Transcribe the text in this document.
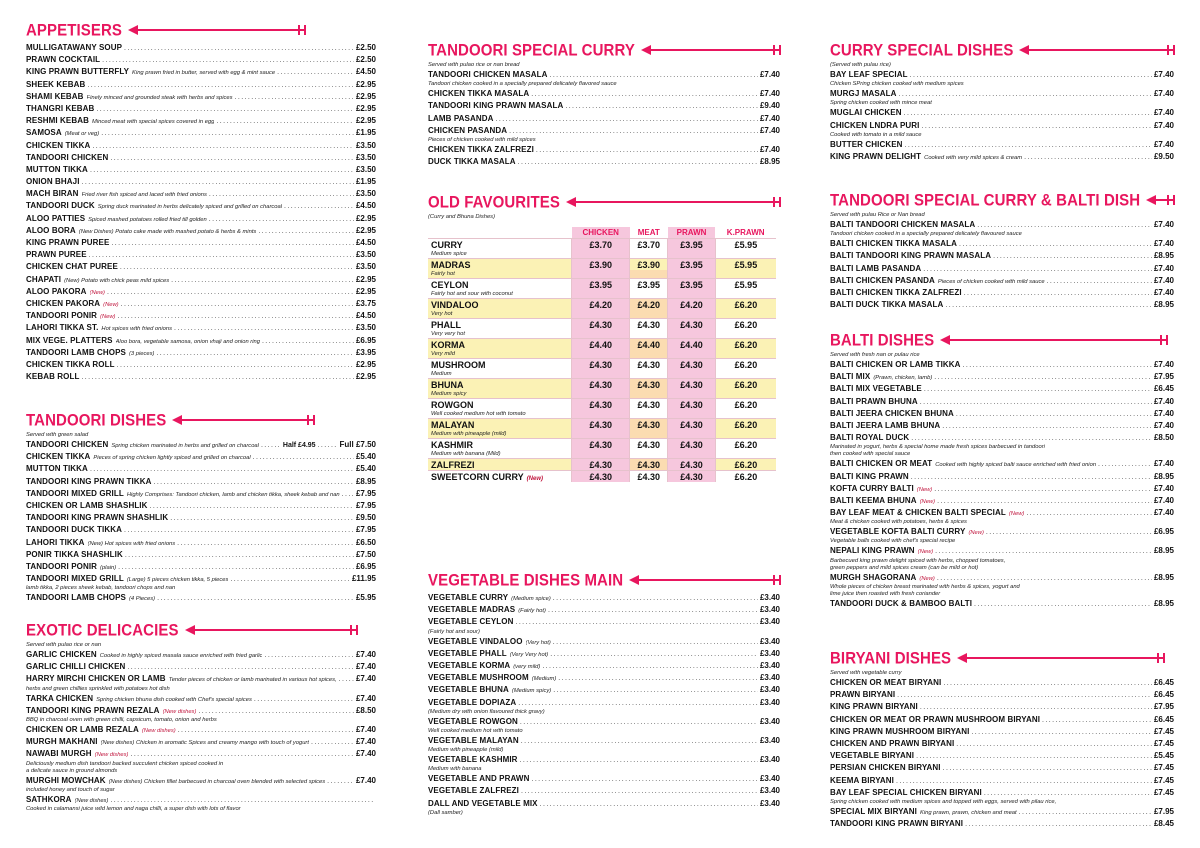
APPETISERS
MULLIGATAWANY SOUP .....	£2.50
PRAWN COCKTAIL .....	£2.50
KING PRAWN BUTTERFLY King prawn fried in butter, served with egg & mint sauce .....	£4.50
SHEEK KEBAB .....	£2.95
SHAMI KEBAB Finely minced and grounded steak with herbs and spices .....	£2.95
THANGRI KEBAB .....	£2.95
RESHMI KEBAB Minced meat with special spices covered in egg .....	£2.95
SAMOSA (Meat or veg) .....	£1.95
CHICKEN TIKKA .....	£3.50
TANDOORI CHICKEN .....	£3.50
MUTTON TIKKA .....	£3.50
ONION BHAJI .....	£1.95
MACH BIRAN Fried river fish spiced and laced with fried onions .....	£3.50
TANDOORI DUCK Spring duck marinated in herbs delicately spiced and grilled on charcoal .....	£4.50
ALOO PATTIES Spiced mashed potatoes rolled fried till golden .....	£2.95
ALOO BORA (New Dishes) Potato cake made with mashed potato & herbs & mints .....	£2.95
KING PRAWN PUREE .....	£4.50
PRAWN PUREE .....	£3.50
CHICKEN CHAT PUREE .....	£3.50
CHAPATI (New) Potato with chick peas mild spices .....	£2.95
ALOO PAKORA (New) .....	£2.95
CHICKEN PAKORA (New) .....	£3.75
TANDOORI PONIR (New) .....	£4.50
LAHORI TIKKA ST. Hot spices with fried onions .....	£3.50
MIX VEGE. PLATTERS Aloo bora, vegetable samosa, onion vhaji and onion ring .....	£6.95
TANDOORI LAMB CHOPS (3 pieces) .....	£3.95
CHICKEN TIKKA ROLL .....	£2.95
KEBAB ROLL .....	£2.95
TANDOORI DISHES
Served with green salad
TANDOORI CHICKEN Spring chicken marinated in herbs and grilled on charcoal .....	Half £4.95 .....	Full £7.50
CHICKEN TIKKA Pieces of spring chicken lightly spiced and grilled on charcoal .....	£5.40
MUTTON TIKKA .....	£5.40
TANDOORI KING PRAWN TIKKA .....	£8.95
TANDOORI MIXED GRILL Highly Comprises: Tandoori chicken, lamb and chicken tikka, sheek kebab and nan ..... £7.95
CHICKEN OR LAMB SHASHLIK .....	£7.95
TANDOORI KING PRAWN SHASHLIK .....	£9.50
TANDOORI DUCK TIKKA .....	£7.95
LAHORI TIKKA (New) Hot spices with fried onions .....	£6.50
PONIR TIKKA SHASHLIK .....	£7.50
TANDOORI PONIR (plain) .....	£6.95
TANDOORI MIXED GRILL (Large) 5 pieces chicken tikka, 5 pieces .....	£11.95
lamb tikka, 2 pieces sheek kebab, tandoori chops and nan
TANDOORI LAMB CHOPS (4 Pieces) .....	£5.95
EXOTIC DELICACIES
Served with pulao rice or nan
GARLIC CHICKEN Cooked in highly spiced masala sauce enriched with fried garlic .....	£7.40
GARLIC CHILLI CHICKEN .....	£7.40
HARRY MIRCHI CHICKEN OR LAMB Tender pieces of chicken or lamb marinated in various hot spices, ..... £7.40
herbs and green chillies sprinkled with potatoes hot dish
TARKA CHICKEN Spring chicken bhuna dish cooked with Chef's special spices .....	£7.40
TANDOORI KING PRAWN REZALA (New dishes) .....	£8.50
BBQ in charcoal oven with green chilli, capsicum, tomato, onion and herbs
CHICKEN OR LAMB REZALA (New dishes) .....	£7.40
MURGH MAKHANI (New dishes) Chicken in aromatic Spices and creamy mango with touch of yogurt .....	£7.40
NAWABI MURGH (New dishes) .....	£7.40
Deliciously medium dish tandoori backed succulent chicken spiced cooked in
a delicate sauce in ground almonds
MURGHI MOWCHAK (New dishes) Chicken fillet barbecued in charcoal oven blended with selected spices .....	£7.40
included honey and touch of sugar
SATHKORA (New dishes)
.....
Cooked in calamansi juice wild lemon and naga chilli, a super dish with lots of flavor
TANDOORI SPECIAL CURRY
Served with pulao rice or nan bread
TANDOORI CHICKEN MASALA .....	£7.40
Tandoori chicken cooked in a specially prepared delicately flavored sauce
CHICKEN TIKKA MASALA .....	£7.40
TANDOORI KING PRAWN MASALA .....	£9.40
LAMB PASANDA .....	£7.40
CHICKEN PASANDA .....	£7.40
Pieces of chicken cooked with mild spices
CHICKEN TIKKA ZALFREZI .....	£7.40
DUCK TIKKA MASALA .....	£8.95
OLD FAVOURITES
(Curry and Bhuna Dishes)
	CHICKEN	MEAT	PRAWN	K.PRAWN
CURRY	£3.70	£3.70	£3.95	£5.95
Medium spice				
MADRAS	£3.90	£3.90	£3.95	£5.95
Fairly hot				
CEYLON	£3.95	£3.95	£3.95	£5.95
Fairly hot and sour with coconut				
VINDALOO	£4.20	£4.20	£4.20	£6.20
Very hot				
PHALL	£4.30	£4.30	£4.30	£6.20
Very very hot				
KORMA	£4.40	£4.40	£4.40	£6.20
Very mild				
MUSHROOM	£4.30	£4.30	£4.30	£6.20
Medium				
BHUNA	£4.30	£4.30	£4.30	£6.20
Medium spicy				
ROWGON	£4.30	£4.30	£4.30	£6.20
Well cooked medium hot with tomato				
MALAYAN	£4.30	£4.30	£4.30	£6.20
Medium with pineapple (mild)				
KASHMIR	£4.30	£4.30	£4.30	£6.20
Medium with banana (Mild)				
ZALFREZI	£4.30	£4.30	£4.30	£6.20
SWEETCORN CURRY (New)	£4.30	£4.30	£4.30	£6.20
VEGETABLE DISHES MAIN
VEGETABLE CURRY (Medium spice) .....	£3.40
VEGETABLE MADRAS (Fairly hot) .....	£3.40
VEGETABLE CEYLON .....	£3.40
(Fairly hot and sour)
VEGETABLE VINDALOO (Very hot) .....	£3.40
VEGETABLE PHALL (Very Very hot) .....	£3.40
VEGETABLE KORMA (very mild) .....	£3.40
VEGETABLE MUSHROOM (Medium) .....	£3.40
VEGETABLE BHUNA (Medium spicy) .....	£3.40
VEGETABLE DOPIAZA .....	£3.40
(Medium dry with onion flavoured thick gravy)
VEGETABLE ROWGON .....	£3.40
Well cooked medium hot with tomato
VEGETABLE MALAYAN .....	£3.40
Medium with pineapple (mild)
VEGETABLE KASHMIR .....	£3.40
Medium with banana
VEGETABLE AND PRAWN .....	£3.40
VEGETABLE ZALFREZI .....	£3.40
DALL AND VEGETABLE MIX .....	£3.40
(Dall samber)
CURRY SPECIAL DISHES
(Served with pulau rice)
BAY LEAF SPECIAL .....	£7.40
Chicken SPring chicken cooked with medium spices
MURGJ MASALA .....	£7.40
Spring chicken cooked with mince meat
MUGLAI CHICKEN .....	£7.40
CHICKEN LNDRA PURI .....	£7.40
Cooked with tomato in a mild sauce
BUTTER CHICKEN .....	£7.40
KING PRAWN DELIGHT Cooked with very mild spices & cream .....	£9.50
TANDOORI SPECIAL CURRY & BALTI DISH
Served with pulau Rice or Nan bread
BALTI TANDOORI CHICKEN MASALA .....	£7.40
Tandoori chicken cooked in a specially prepared delicately flavoured sauce
BALTI CHICKEN TIKKA MASALA .....	£7.40
BALTI TANDOORI KING PRAWN MASALA .....	£8.95
BALTI LAMB PASANDA .....	£7.40
BALTI CHICKEN PASANDA Pieces of chicken cooked with mild sauce .....	£7.40
BALTI CHICKEN TIKKA ZALFREZI .....	£7.40
BALTI DUCK TIKKA MASALA .....	£8.95
BALTI DISHES
Served with fresh nan or pulau rice
BALTI CHICKEN OR LAMB TIKKA .....	£7.40
BALTI MIX (Prawn, chicken, lamb) .....	£7.95
BALTI MIX VEGETABLE .....	£6.45
BALTI PRAWN BHUNA .....	£7.40
BALTI JEERA CHICKEN BHUNA .....	£7.40
BALTI JEERA LAMB BHUNA .....	£7.40
BALTI ROYAL DUCK .....	£8.50
Marinated in yogurt, herbs & special home made fresh spices barbecued in tandoori
then cooked with special sauce
BALTI CHICKEN OR MEAT Cooked with highly spiced balti sauce enriched with fried onion .....	£7.40
BALTI KING PRAWN .....	£8.95
KOFTA CURRY BALTI (New) .....	£7.40
BALTI KEEMA BHUNA (New) .....	£7.40
BAY LEAF MEAT & CHICKEN BALTI SPECIAL (New) .....	£7.40
Meat & chicken cooked with potatoes, herbs & spices
VEGETABLE KOFTA BALTI CURRY (New) .....	£6.95
Vegetable balls cooked with chef's special recipe
NEPALI KING PRAWN (New) .....	£8.95
Barbecued king prawn delight spiced with herbs, chopped tomatoes,
green peppers and mild spices cream (can be mild or hot)
MURGH SHAGORANA (New) .....	£8.95
Whole pieces of chicken breast marinated with herbs & spices, yogurt and
lime juice then roasted with fresh coriander
TANDOORI DUCK & BAMBOO BALTI .....	£8.95
BIRYANI DISHES
Served with vegetable curry
CHICKEN OR MEAT BIRYANI .....	£6.45
PRAWN BIRYANI .....	£6.45
KING PRAWN BIRYANI .....	£7.95
CHICKEN OR MEAT OR PRAWN MUSHROOM BIRYANI .....	£6.45
KING PRAWN MUSHROOM BIRYANI .....	£7.45
CHICKEN AND PRAWN BIRYANI .....	£7.45
VEGETABLE BIRYANI .....	£5.45
PERSIAN CHICKEN BIRYANI .....	£7.45
KEEMA BIRYANI .....	£7.45
BAY LEAF SPECIAL CHICKEN BIRYANI .....	£7.45
Spring chicken cooked with medium spices and topped with eggs, served with pilau rice,
SPECIAL MIX BIRYANI King prawn, prawn, chicken and meat .....	£7.95
TANDOORI KING PRAWN BIRYANI .....	£8.45
